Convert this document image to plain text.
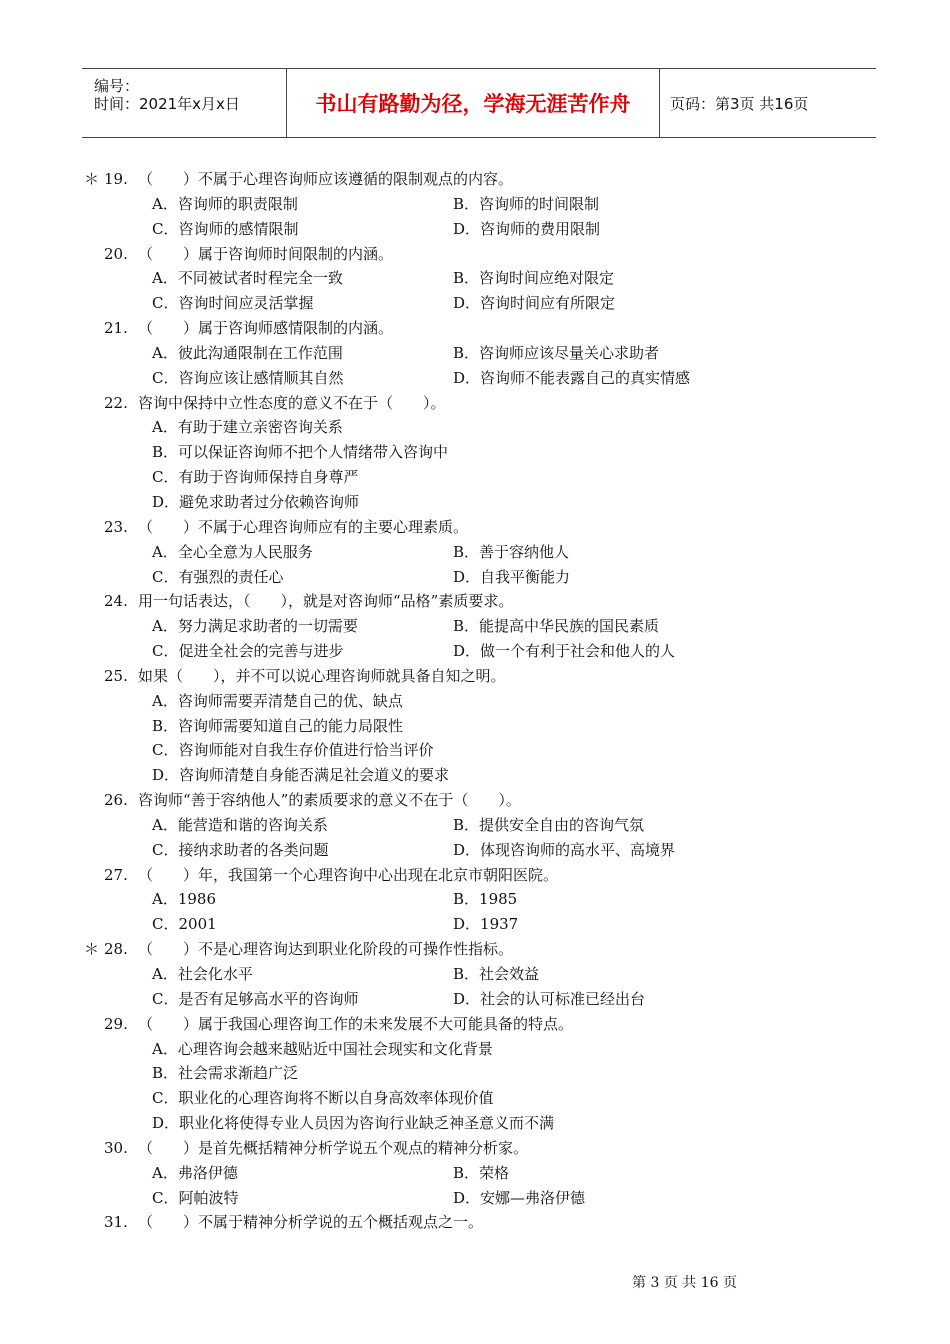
编号：
时间：2021年x月x日	书山有路勤为径，学海无涯苦作舟	页码：第3页 共16页
＊ 19. （　　）不属于心理咨询师应该遵循的限制观点的内容。
A．咨询师的职责限制	B．咨询师的时间限制
C．咨询师的感情限制	D．咨询师的费用限制
20. （　　）属于咨询师时间限制的内涵。
A．不同被试者时程完全一致	B．咨询时间应绝对限定
C．咨询时间应灵活掌握	D．咨询时间应有所限定
21. （　　）属于咨询师感情限制的内涵。
A．彼此沟通限制在工作范围	B．咨询师应该尽量关心求助者
C．咨询应该让感情顺其自然	D．咨询师不能表露自己的真实情感
22. 咨询中保持中立性态度的意义不在于（　　）。
A．有助于建立亲密咨询关系
B．可以保证咨询师不把个人情绪带入咨询中
C．有助于咨询师保持自身尊严
D．避免求助者过分依赖咨询师
23. （　　）不属于心理咨询师应有的主要心理素质。
A．全心全意为人民服务	B．善于容纳他人
C．有强烈的责任心	D．自我平衡能力
24. 用一句话表达，（　　），就是对咨询师“品格”素质要求。
A．努力满足求助者的一切需要	B．能提高中华民族的国民素质
C．促进全社会的完善与进步	D．做一个有利于社会和他人的人
25. 如果（　　），并不可以说心理咨询师就具备自知之明。
A．咨询师需要弄清楚自己的优、缺点
B．咨询师需要知道自己的能力局限性
C．咨询师能对自我生存价值进行恰当评价
D．咨询师清楚自身能否满足社会道义的要求
26. 咨询师“善于容纳他人”的素质要求的意义不在于（　　）。
A．能营造和谐的咨询关系	B．提供安全自由的咨询气氛
C．接纳求助者的各类问题	D．体现咨询师的高水平、高境界
27. （　　）年，我国第一个心理咨询中心出现在北京市朝阳医院。
A．1986	B．1985
C．2001	D．1937
＊ 28. （　　）不是心理咨询达到职业化阶段的可操作性指标。
A．社会化水平	B．社会效益
C．是否有足够高水平的咨询师	D．社会的认可标准已经出台
29. （　　）属于我国心理咨询工作的未来发展不大可能具备的特点。
A．心理咨询会越来越贴近中国社会现实和文化背景
B．社会需求渐趋广泛
C．职业化的心理咨询将不断以自身高效率体现价值
D．职业化将使得专业人员因为咨询行业缺乏神圣意义而不满
30. （　　）是首先概括精神分析学说五个观点的精神分析家。
A．弗洛伊德	B．荣格
C．阿帕波特	D．安娜—弗洛伊德
31. （　　）不属于精神分析学说的五个概括观点之一。
第 3 页 共 16 页
